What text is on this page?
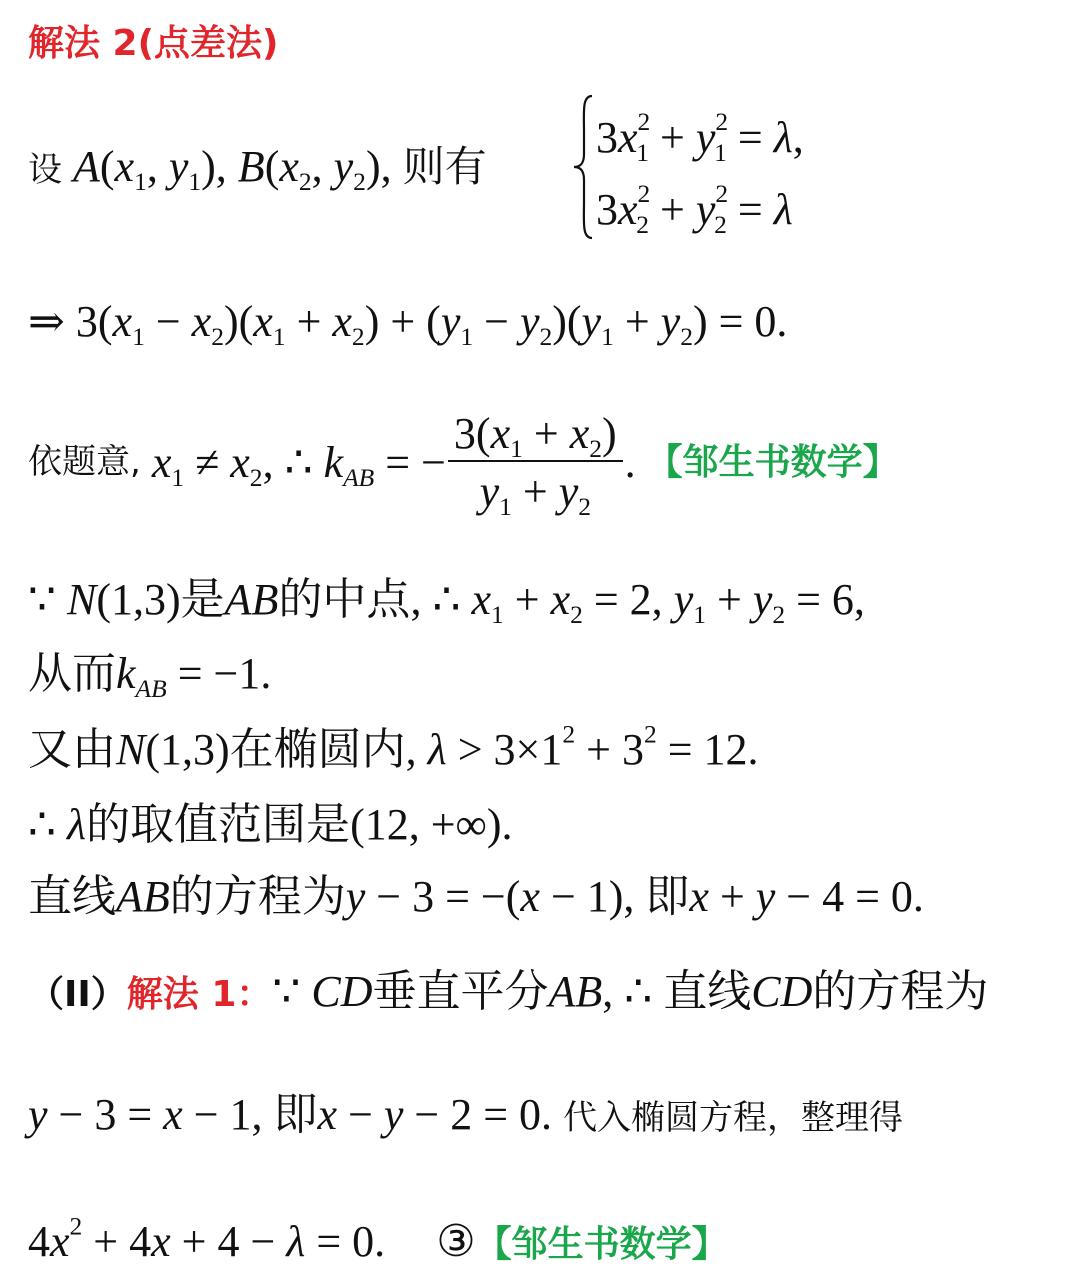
解法 2(点差法)
设 $A(x_1$, $y_1$), $B(x_2$, $y_2$), 则有
$3x^2_1 + y^2_1 = \lambda$,
$3x^2_2 + y^2_2 = \lambda$
⇒ $3(x_1 - x_2)(x_1 + x_2) + (y_1 - y_2)(y_1 + y_2) = 0$.
依题意, $x_1 \ne x_2$, ∴ $k_{AB}$ = − $\frac{3(x_1 + x_2)}{y_1 + y_2}$ . 【邹生书数学】
∵ N(1,3)是AB的中点, ∴ $x_1 + x_2 = 2$, $y_1 + y_2 = 6$,
从而$k_{AB} = -1$.
又由N(1,3)在椭圆内, $\lambda > 3\times 1^2 + 3^2 = 12$.
∴ λ的取值范围是(12, +∞).
直线AB的方程为y − 3 = −(x − 1), 即x + y − 4 = 0.
（II）解法 1：∵ CD垂直平分AB, ∴ 直线CD的方程为
y − 3 = x − 1, 即x − y − 2 = 0. 代入椭圆方程，整理得
$4x^2 + 4x + 4 - \lambda = 0$. ③【邹生书数学】
